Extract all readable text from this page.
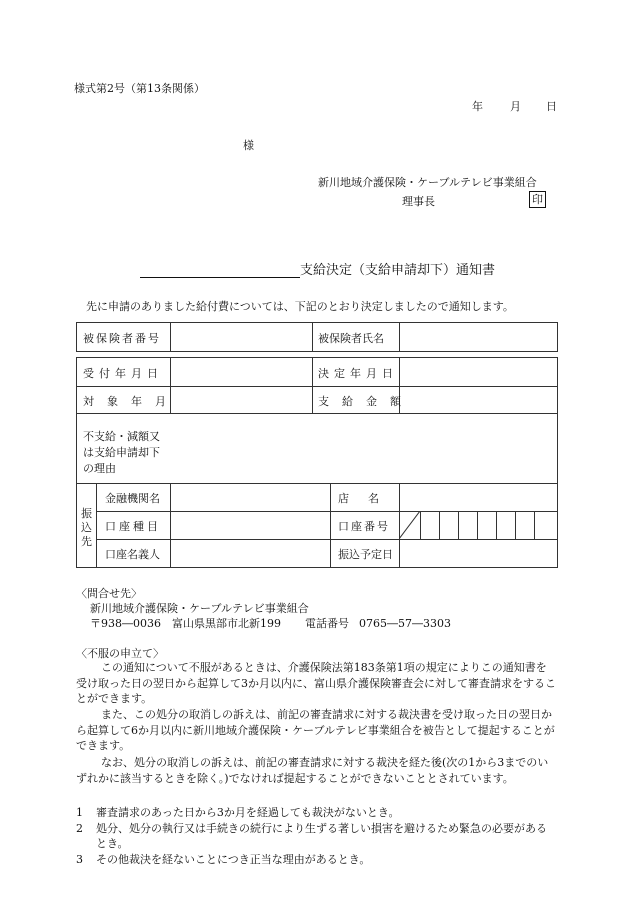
様式第2号（第13条関係）
年 月 日
様
新川地域介護保険・ケーブルテレビ事業組合
理事長	印
支給決定（支給申請却下）通知書
先に申請のありました給付費については、下記のとおり決定しましたので通知します。
被保険者番号	被保険者氏名
受付年月日	決定年月日
対象年月	支給金額
不支給・減額又
は支給申請却下
の理由
振
込
先
金融機関名	店　名
口座種目	口座番号
口座名義人	振込予定日
〈問合せ先〉
新川地域介護保険・ケーブルテレビ事業組合
〒938―0036　富山県黒部市北新199 電話番号 0765―57―3303
〈不服の申立て〉
　この通知について不服があるときは、介護保険法第183条第1項の規定によりこの通知書を受け取った日の翌日から起算して3か月以内に、富山県介護保険審査会に対して審査請求をすることができます。
　また、この処分の取消しの訴えは、前記の審査請求に対する裁決書を受け取った日の翌日から起算して6か月以内に新川地域介護保険・ケーブルテレビ事業組合を被告として提起することができます。
　なお、処分の取消しの訴えは、前記の審査請求に対する裁決を経た後(次の1から3までのいずれかに該当するときを除く。)でなければ提起することができないこととされています。
1	審査請求のあった日から3か月を経過しても裁決がないとき。
2	処分、処分の執行又は手続きの続行により生ずる著しい損害を避けるため緊急の必要があるとき。
3	その他裁決を経ないことにつき正当な理由があるとき。
